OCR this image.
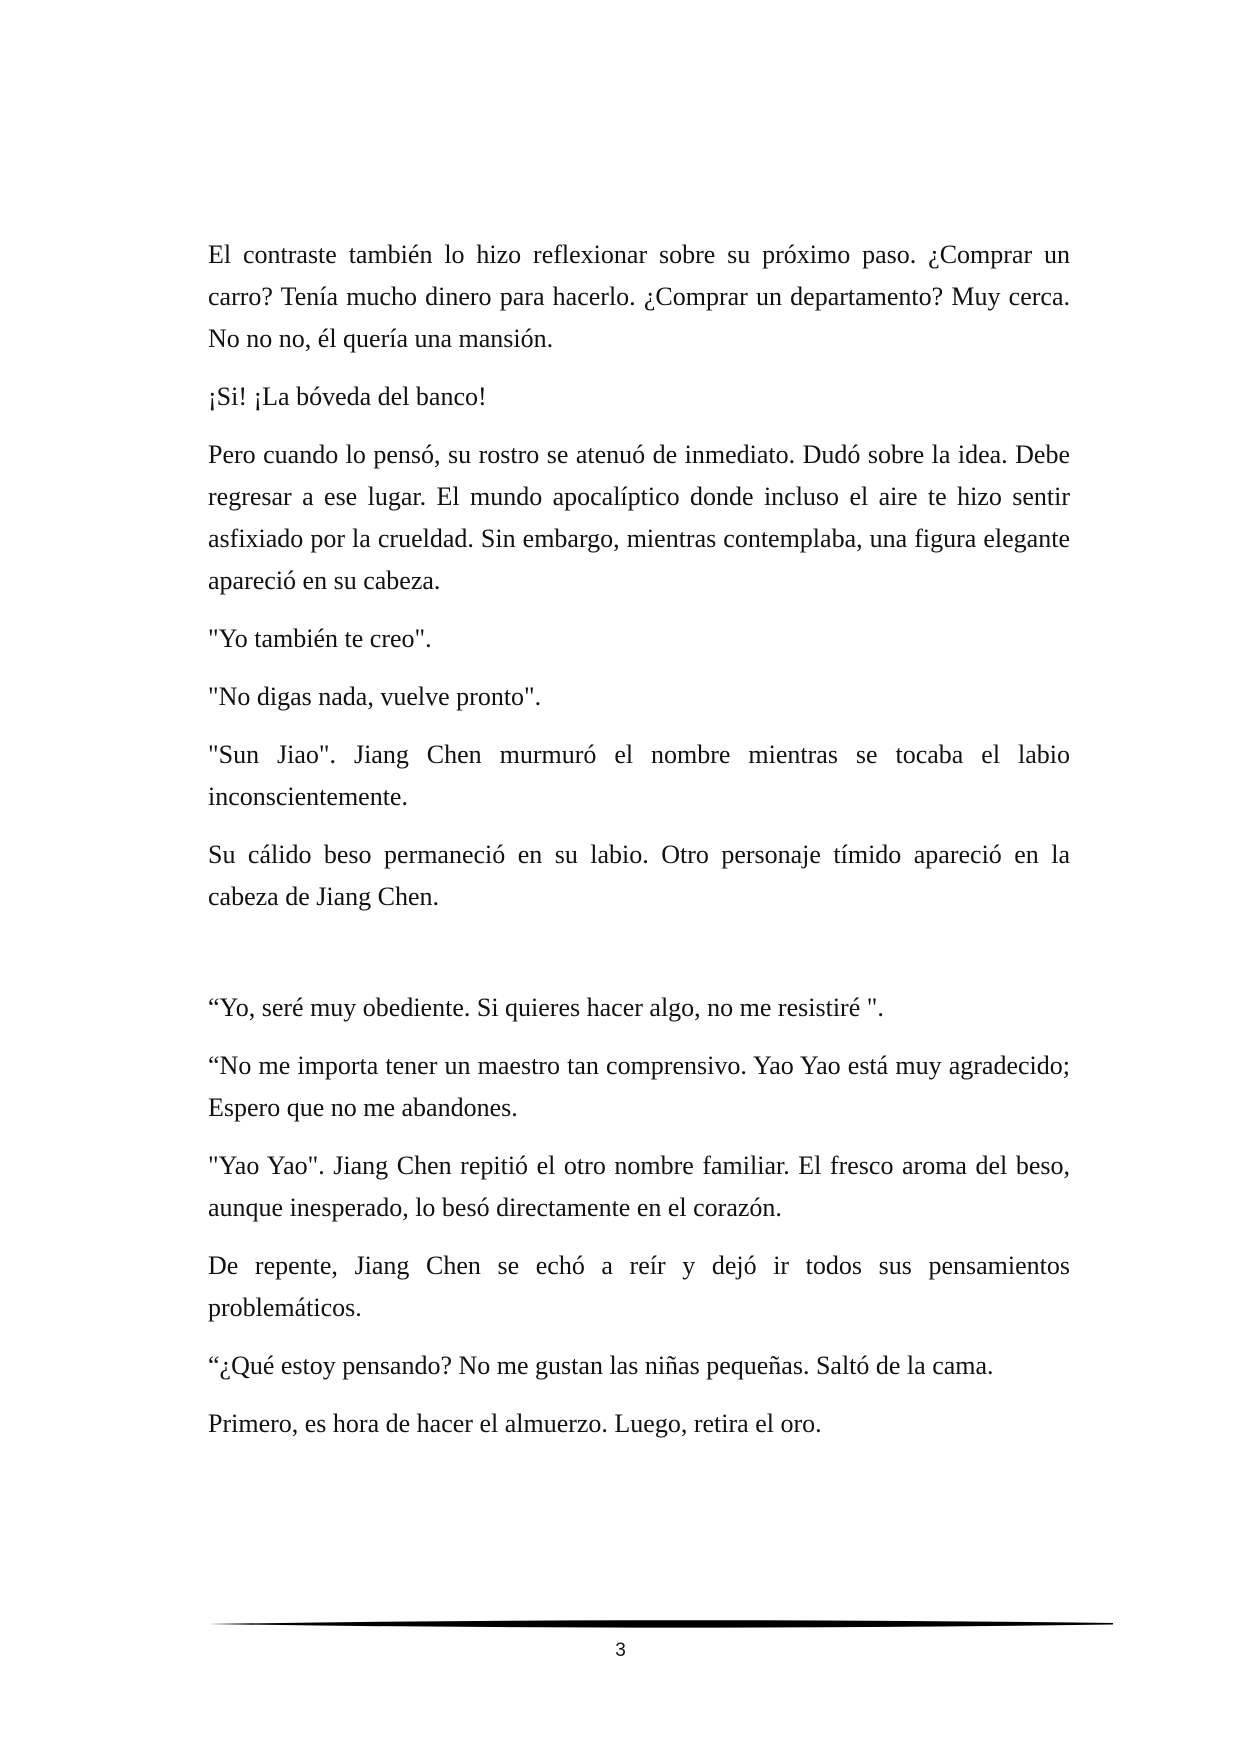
El contraste también lo hizo reflexionar sobre su próximo paso. ¿Comprar un carro? Tenía mucho dinero para hacerlo. ¿Comprar un departamento? Muy cerca. No no no, él quería una mansión.

¡Si! ¡La bóveda del banco!

Pero cuando lo pensó, su rostro se atenuó de inmediato. Dudó sobre la idea. Debe regresar a ese lugar. El mundo apocalíptico donde incluso el aire te hizo sentir asfixiado por la crueldad. Sin embargo, mientras contemplaba, una figura elegante apareció en su cabeza.

"Yo también te creo".

"No digas nada, vuelve pronto".

"Sun Jiao". Jiang Chen murmuró el nombre mientras se tocaba el labio inconscientemente.

Su cálido beso permaneció en su labio. Otro personaje tímido apareció en la cabeza de Jiang Chen.

“Yo, seré muy obediente. Si quieres hacer algo, no me resistiré ".

“No me importa tener un maestro tan comprensivo. Yao Yao está muy agradecido; Espero que no me abandones.

"Yao Yao". Jiang Chen repitió el otro nombre familiar. El fresco aroma del beso, aunque inesperado, lo besó directamente en el corazón.

De repente, Jiang Chen se echó a reír y dejó ir todos sus pensamientos problemáticos.

“¿Qué estoy pensando? No me gustan las niñas pequeñas. Saltó de la cama.

Primero, es hora de hacer el almuerzo. Luego, retira el oro.

3
